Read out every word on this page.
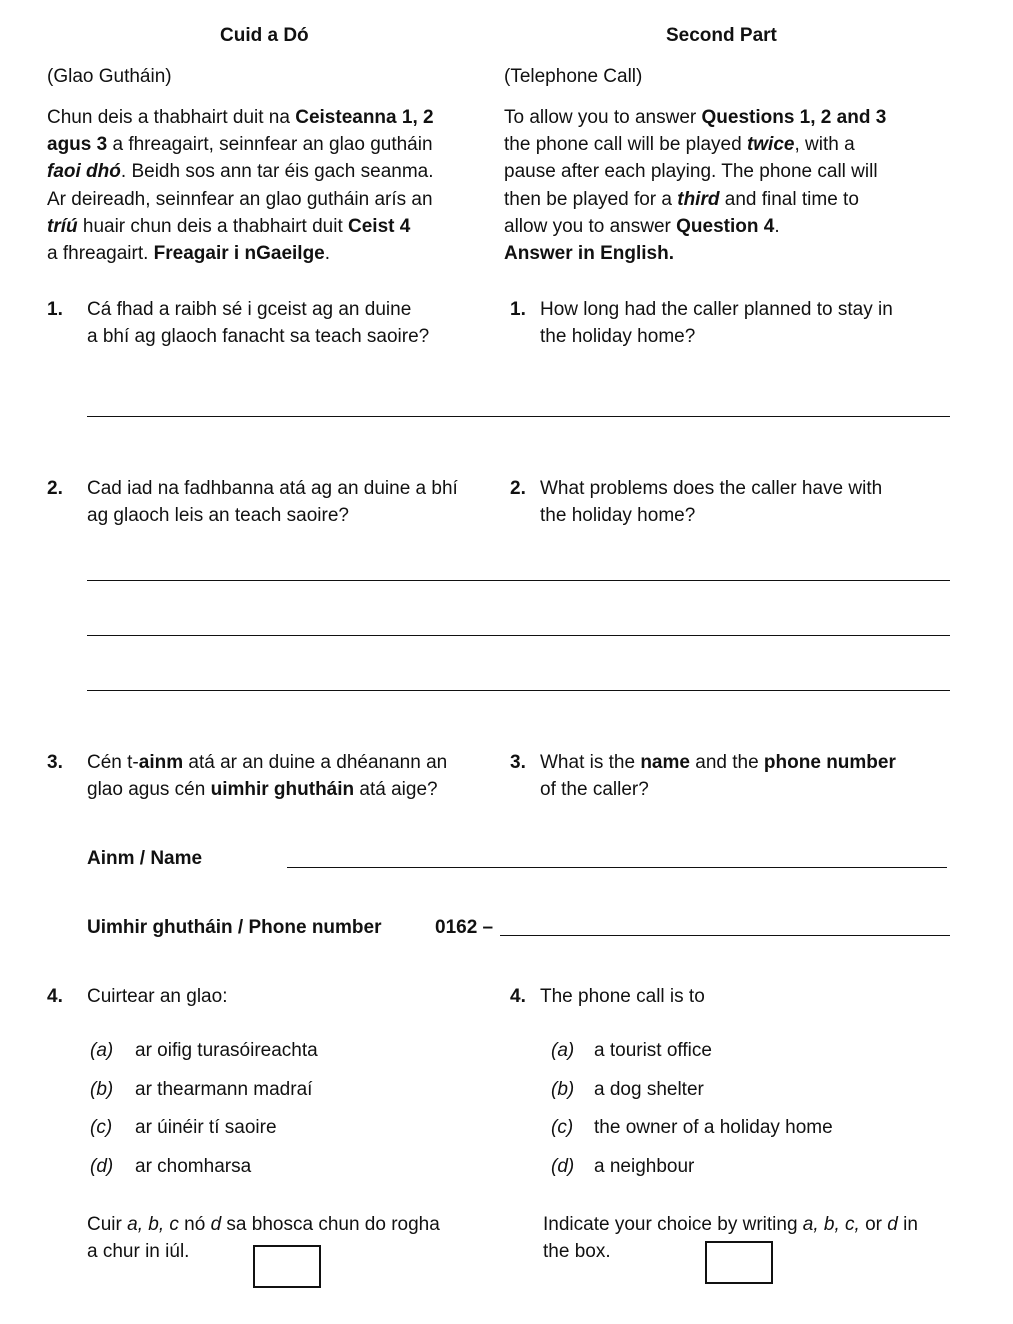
Cuid a Dó	Second Part
(Glao Gutháin)	(Telephone Call)
Chun deis a thabhairt duit na Ceisteanna 1, 2
agus 3 a fhreagairt, seinnfear an glao gutháin
faoi dhó. Beidh sos ann tar éis gach seanma.
Ar deireadh, seinnfear an glao gutháin arís an
tríú huair chun deis a thabhairt duit Ceist 4
a fhreagairt. Freagair i nGaeilge.
To allow you to answer Questions 1, 2 and 3
the phone call will be played twice, with a
pause after each playing. The phone call will
then be played for a third and final time to
allow you to answer Question 4.
Answer in English.
1. Cá fhad a raibh sé i gceist ag an duine
a bhí ag glaoch fanacht sa teach saoire?
1. How long had the caller planned to stay in
the holiday home?
2. Cad iad na fadhbanna atá ag an duine a bhí
ag glaoch leis an teach saoire?
2. What problems does the caller have with
the holiday home?
3. Cén t-ainm atá ar an duine a dhéanann an
glao agus cén uimhir ghutháin atá aige?
3. What is the name and the phone number
of the caller?
Ainm / Name
Uimhir ghutháin / Phone number	0162 –
4. Cuirtear an glao:	4. The phone call is to
(a) ar oifig turasóireachta
(b) ar thearmann madraí
(c) ar úinéir tí saoire
(d) ar chomharsa
(a) a tourist office
(b) a dog shelter
(c) the owner of a holiday home
(d) a neighbour
Cuir a, b, c nó d sa bhosca chun do rogha
a chur in iúl.
Indicate your choice by writing a, b, c, or d in
the box.
